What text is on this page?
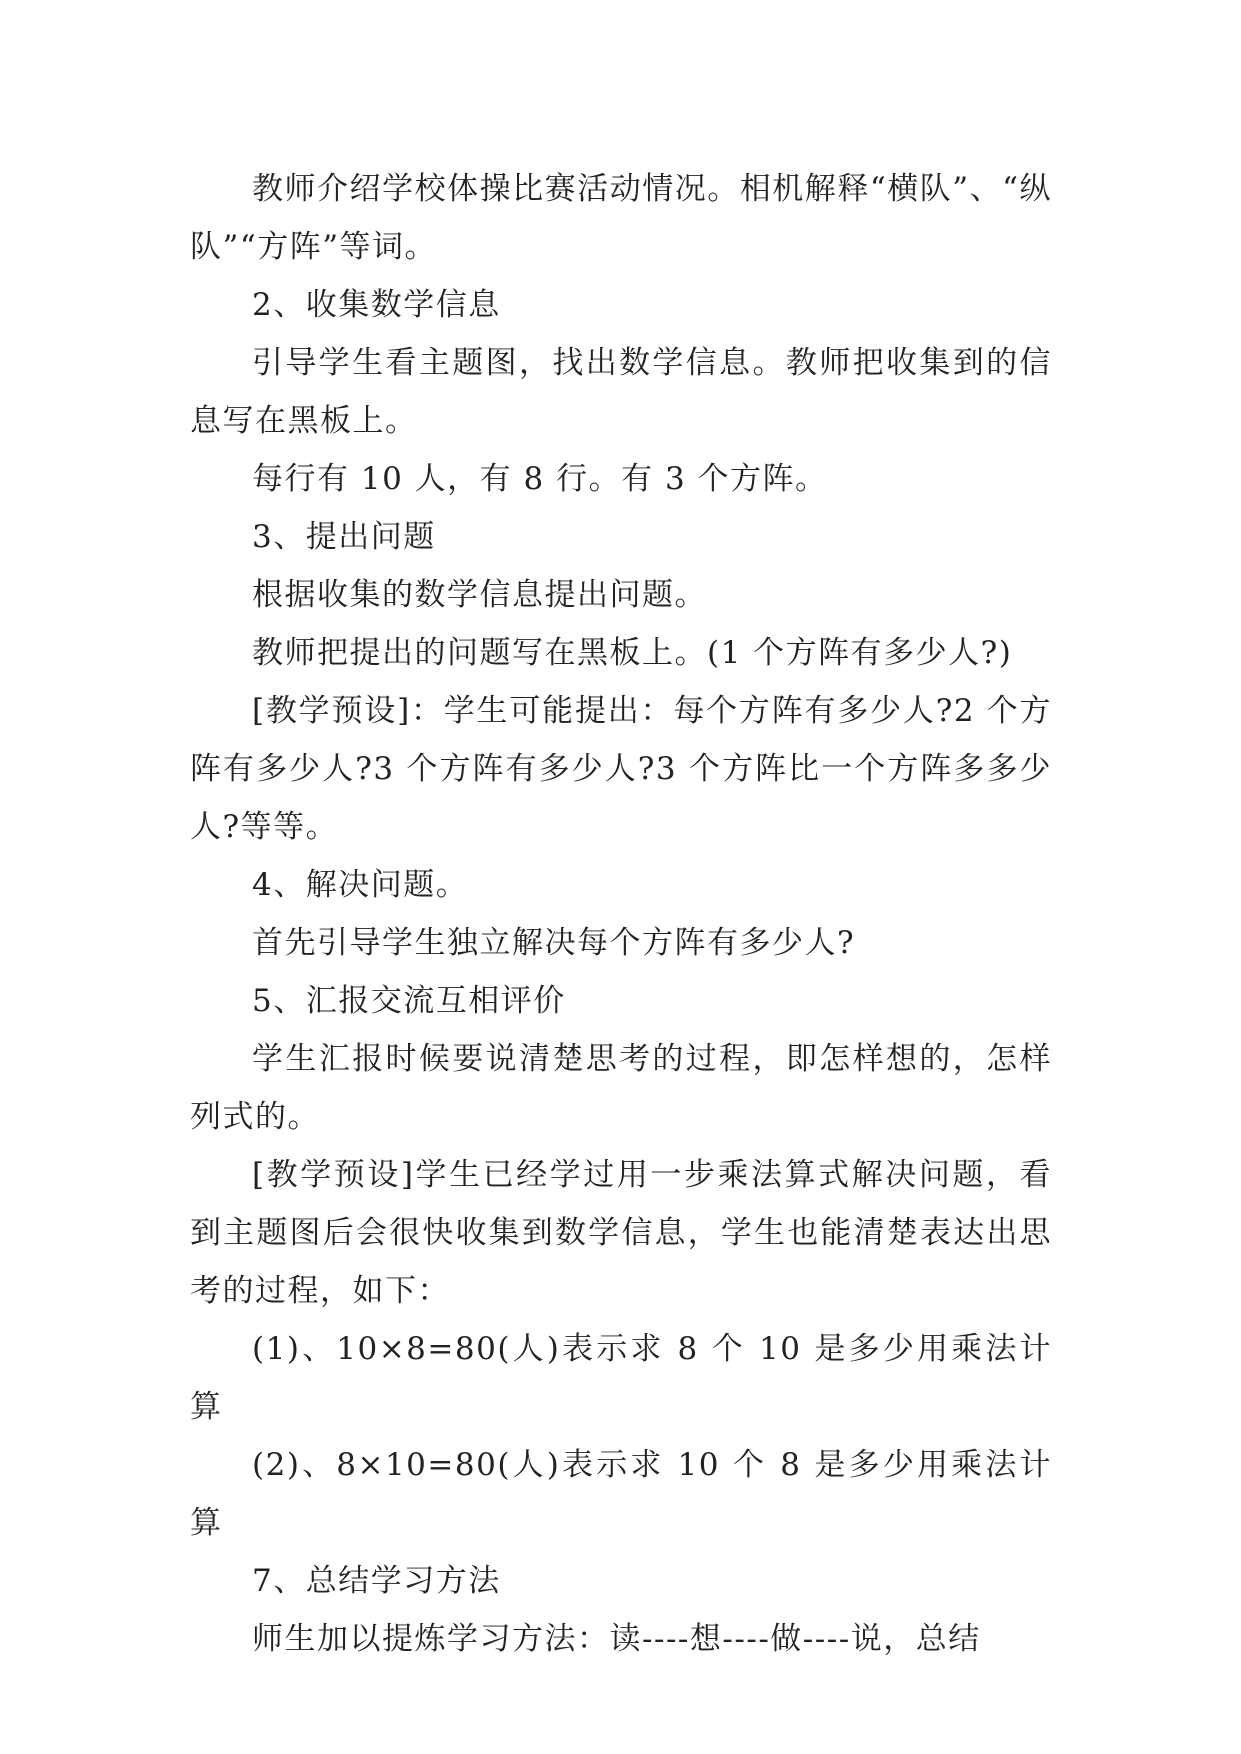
教师介绍学校体操比赛活动情况。相机解释“横队”、“纵队”“方阵”等词。

2、收集数学信息

引导学生看主题图，找出数学信息。教师把收集到的信息写在黑板上。

每行有 10 人，有 8 行。有 3 个方阵。

3、提出问题

根据收集的数学信息提出问题。

教师把提出的问题写在黑板上。(1 个方阵有多少人?)

[教学预设]：学生可能提出：每个方阵有多少人?2 个方阵有多少人?3 个方阵有多少人?3 个方阵比一个方阵多多少人?等等。

4、解决问题。

首先引导学生独立解决每个方阵有多少人?

5、汇报交流互相评价

学生汇报时候要说清楚思考的过程，即怎样想的，怎样列式的。

[教学预设]学生已经学过用一步乘法算式解决问题，看到主题图后会很快收集到数学信息，学生也能清楚表达出思考的过程，如下：

(1)、10×8=80(人)表示求 8 个 10 是多少用乘法计算

(2)、8×10=80(人)表示求 10 个 8 是多少用乘法计算

7、总结学习方法

师生加以提炼学习方法：读----想----做----说，总结
